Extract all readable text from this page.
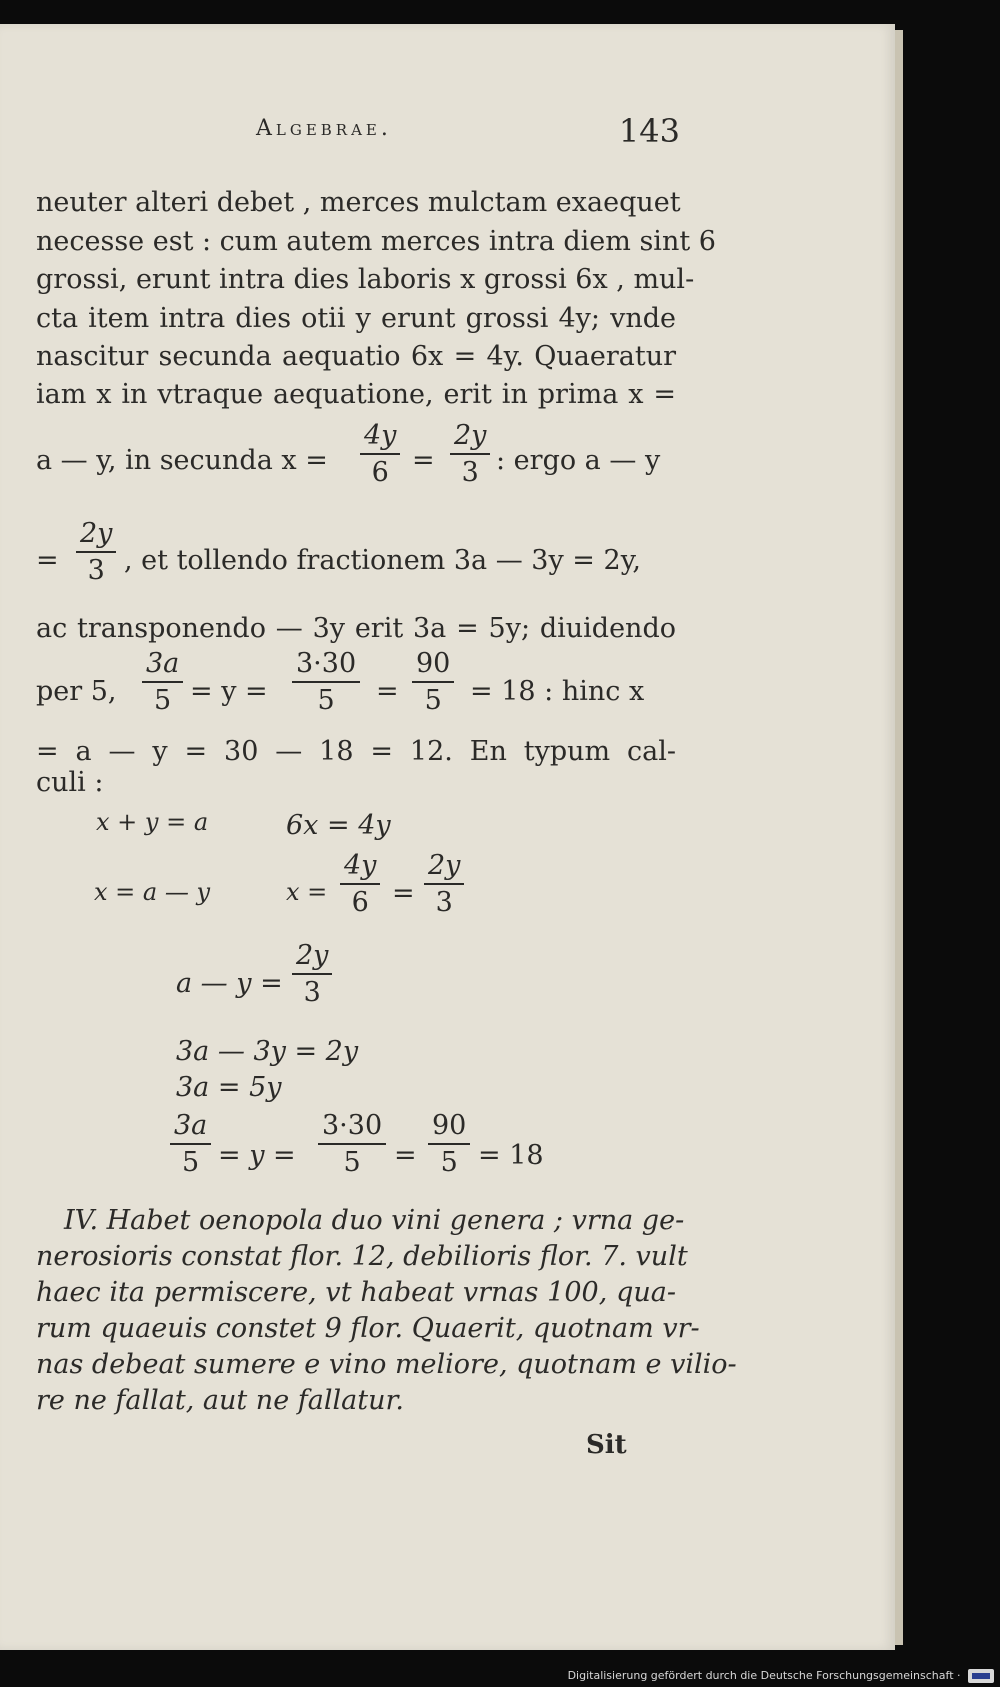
Algebrae.	143
neuter alteri debet , merces mulctam exaequet
necesse est : cum autem merces intra diem sint 6
grossi, erunt intra dies laboris x grossi 6x , mul-
cta item intra dies otii y erunt grossi 4y; vnde
nascitur secunda aequatio 6x = 4y. Quaeratur
iam x in vtraque aequatione, erit in prima x =
a — y, in secunda $x = \frac{4y}{6} = \frac{2y}{3}$ : ergo a — y
= $\frac{2y}{3}$ , et tollendo fractionem 3a — 3y = 2y,
ac transponendo — 3y erit 3a = 5y; diuidendo
per 5, $\frac{3a}{5} = y = \frac{3\cdot 30}{5} = \frac{90}{5} = 18$ : hinc x
= a — y = 30 — 18 = 12. En typum cal-
culi :
x + y = a	6x = 4y
x = a — y	$x = \frac{4y}{6} = \frac{2y}{3}$
a — $y = \frac{2y}{3}$
3a — 3y = 2y
3a = 5y
$\frac{3a}{5} = y = \frac{3\cdot 30}{5} = \frac{90}{5} = 18$
IV. Habet oenopola duo vini genera ; vrna ge-
nerosioris constat flor. 12, debilioris flor. 7. vult
haec ita permiscere, vt habeat vrnas 100, qua-
rum quaeuis constet 9 flor. Quaerit, quotnam vr-
nas debeat sumere e vino meliore, quotnam e vilio-
re ne fallat, aut ne fallatur.
Sit
Digitalisierung gefördert durch die Deutsche Forschungsgemeinschaft ·
